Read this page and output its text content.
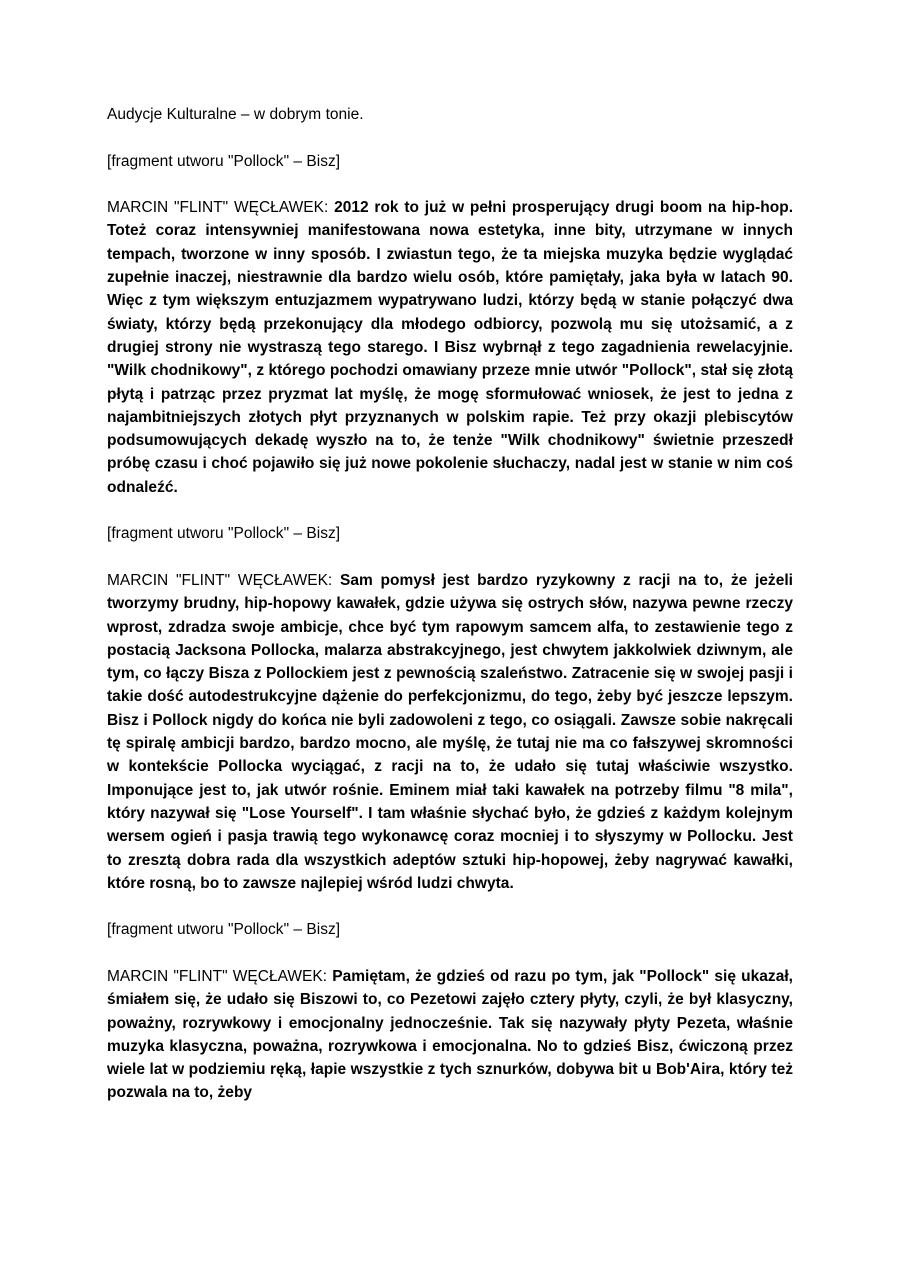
Audycje Kulturalne – w dobrym tonie.

[fragment utworu "Pollock" – Bisz]

MARCIN "FLINT" WĘCŁAWEK: 2012 rok to już w pełni prosperujący drugi boom na hip-hop. Toteż coraz intensywniej manifestowana nowa estetyka, inne bity, utrzymane w innych tempach, tworzone w inny sposób. I zwiastun tego, że ta miejska muzyka będzie wyglądać zupełnie inaczej, niestrawnie dla bardzo wielu osób, które pamiętały, jaka była w latach 90. Więc z tym większym entuzjazmem wypatrywano ludzi, którzy będą w stanie połączyć dwa światy, którzy będą przekonujący dla młodego odbiorcy, pozwolą mu się utożsamić, a z drugiej strony nie wystraszą tego starego. I Bisz wybrnął z tego zagadnienia rewelacyjnie. "Wilk chodnikowy", z którego pochodzi omawiany przeze mnie utwór "Pollock", stał się złotą płytą i patrząc przez pryzmat lat myślę, że mogę sformułować wniosek, że jest to jedna z najambitniejszych złotych płyt przyznanych w polskim rapie. Też przy okazji plebiscytów podsumowujących dekadę wyszło na to, że tenże "Wilk chodnikowy" świetnie przeszedł próbę czasu i choć pojawiło się już nowe pokolenie słuchaczy, nadal jest w stanie w nim coś odnaleźć.

[fragment utworu "Pollock" – Bisz]

MARCIN "FLINT" WĘCŁAWEK: Sam pomysł jest bardzo ryzykowny z racji na to, że jeżeli tworzymy brudny, hip-hopowy kawałek, gdzie używa się ostrych słów, nazywa pewne rzeczy wprost, zdradza swoje ambicje, chce być tym rapowym samcem alfa, to zestawienie tego z postacią Jacksona Pollocka, malarza abstrakcyjnego, jest chwytem jakkolwiek dziwnym, ale tym, co łączy Bisza z Pollockiem jest z pewnością szaleństwo. Zatracenie się w swojej pasji i takie dość autodestrukcyjne dążenie do perfekcjonizmu, do tego, żeby być jeszcze lepszym. Bisz i Pollock nigdy do końca nie byli zadowoleni z tego, co osiągali. Zawsze sobie nakręcali tę spiralę ambicji bardzo, bardzo mocno, ale myślę, że tutaj nie ma co fałszywej skromności w kontekście Pollocka wyciągać, z racji na to, że udało się tutaj właściwie wszystko. Imponujące jest to, jak utwór rośnie. Eminem miał taki kawałek na potrzeby filmu "8 mila", który nazywał się "Lose Yourself". I tam właśnie słychać było, że gdzieś z każdym kolejnym wersem ogień i pasja trawią tego wykonawcę coraz mocniej i to słyszymy w Pollocku. Jest to zresztą dobra rada dla wszystkich adeptów sztuki hip-hopowej, żeby nagrywać kawałki, które rosną, bo to zawsze najlepiej wśród ludzi chwyta.

[fragment utworu "Pollock" – Bisz]

MARCIN "FLINT" WĘCŁAWEK: Pamiętam, że gdzieś od razu po tym, jak "Pollock" się ukazał, śmiałem się, że udało się Biszowi to, co Pezetowi zajęło cztery płyty, czyli, że był klasyczny, poważny, rozrywkowy i emocjonalny jednocześnie. Tak się nazywały płyty Pezeta, właśnie muzyka klasyczna, poważna, rozrywkowa i emocjonalna. No to gdzieś Bisz, ćwiczoną przez wiele lat w podziemiu ręką, łapie wszystkie z tych sznurków, dobywa bit u Bob'Aira, który też pozwala na to, żeby
